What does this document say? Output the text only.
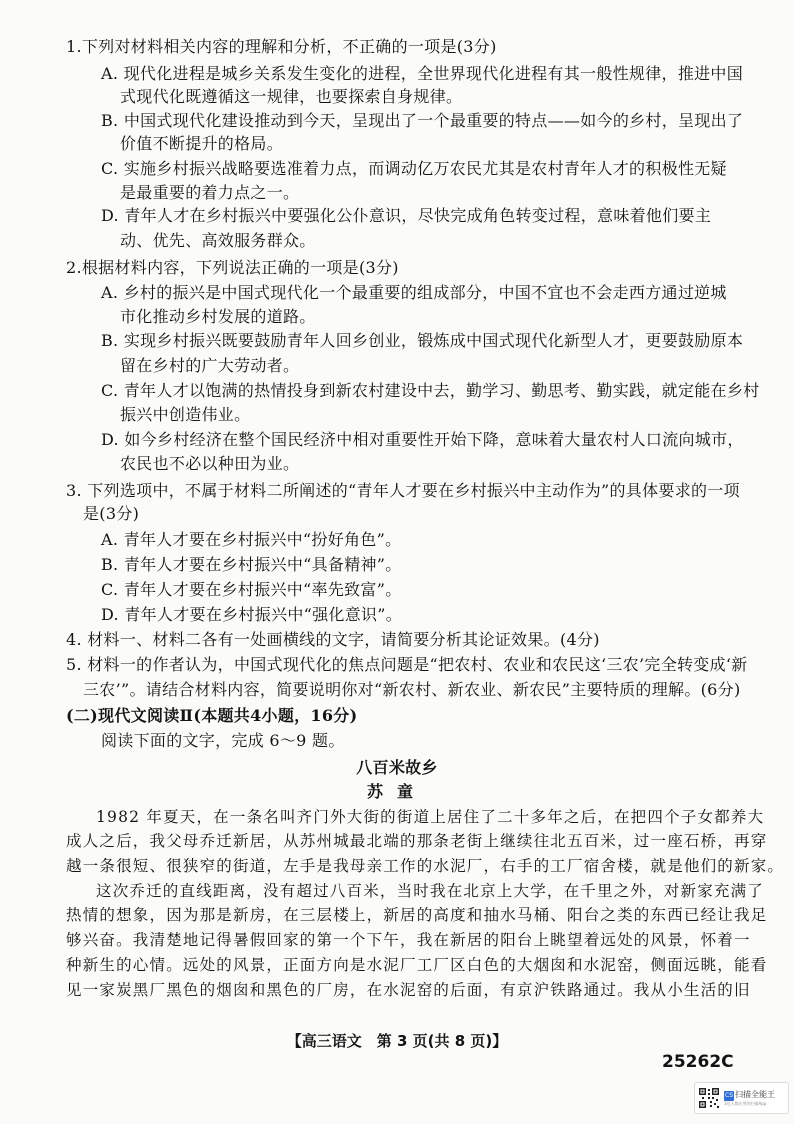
1.下列对材料相关内容的理解和分析，不正确的一项是(3分)
A. 现代化进程是城乡关系发生变化的进程，全世界现代化进程有其一般性规律，推进中国
式现代化既遵循这一规律，也要探索自身规律。
B. 中国式现代化建设推动到今天，呈现出了一个最重要的特点——如今的乡村，呈现出了
价值不断提升的格局。
C. 实施乡村振兴战略要选准着力点，而调动亿万农民尤其是农村青年人才的积极性无疑
是最重要的着力点之一。
D. 青年人才在乡村振兴中要强化公仆意识，尽快完成角色转变过程，意味着他们要主
动、优先、高效服务群众。
2.根据材料内容，下列说法正确的一项是(3分)
A. 乡村的振兴是中国式现代化一个最重要的组成部分，中国不宜也不会走西方通过逆城
市化推动乡村发展的道路。
B. 实现乡村振兴既要鼓励青年人回乡创业，锻炼成中国式现代化新型人才，更要鼓励原本
留在乡村的广大劳动者。
C. 青年人才以饱满的热情投身到新农村建设中去，勤学习、勤思考、勤实践，就定能在乡村
振兴中创造伟业。
D. 如今乡村经济在整个国民经济中相对重要性开始下降，意味着大量农村人口流向城市，
农民也不必以种田为业。
3. 下列选项中，不属于材料二所阐述的“青年人才要在乡村振兴中主动作为”的具体要求的一项
是(3分)
A. 青年人才要在乡村振兴中“扮好角色”。
B. 青年人才要在乡村振兴中“具备精神”。
C. 青年人才要在乡村振兴中“率先致富”。
D. 青年人才要在乡村振兴中“强化意识”。
4. 材料一、材料二各有一处画横线的文字，请简要分析其论证效果。(4分)
5. 材料一的作者认为，中国式现代化的焦点问题是“把农村、农业和农民这‘三农’完全转变成‘新
三农’”。请结合材料内容，简要说明你对“新农村、新农业、新农民”主要特质的理解。(6分)
(二)现代文阅读Ⅱ(本题共4小题，16分)
阅读下面的文字，完成 6～9 题。
八百米故乡
苏童
1982 年夏天，在一条名叫齐门外大街的街道上居住了二十多年之后，在把四个子女都养大
成人之后，我父母乔迁新居，从苏州城最北端的那条老街上继续往北五百米，过一座石桥，再穿
越一条很短、很狭窄的街道，左手是我母亲工作的水泥厂，右手的工厂宿舍楼，就是他们的新家。
这次乔迁的直线距离，没有超过八百米，当时我在北京上大学，在千里之外，对新家充满了
热情的想象，因为那是新房，在三层楼上，新居的高度和抽水马桶、阳台之类的东西已经让我足
够兴奋。我清楚地记得暑假回家的第一个下午，我在新居的阳台上眺望着远处的风景，怀着一
种新生的心情。远处的风景，正面方向是水泥厂工厂区白色的大烟囱和水泥窑，侧面远眺，能看
见一家炭黑厂黑色的烟囱和黑色的厂房，在水泥窑的后面，有京沪铁路通过。我从小生活的旧
【高三语文　第 3 页(共 8 页)】
25262C
CS 扫描全能王
3亿人都在用的扫描App
